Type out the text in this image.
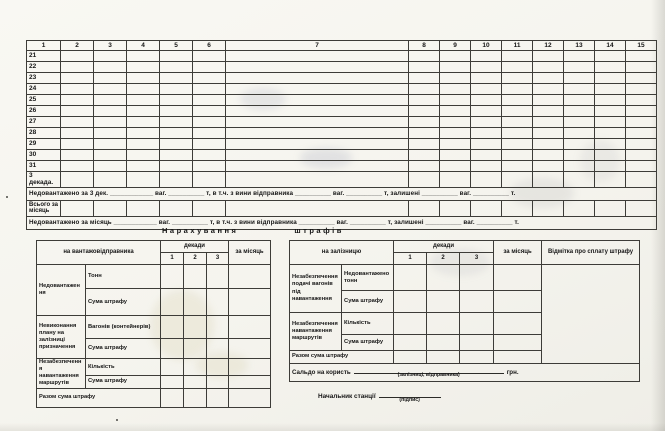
1	2	3	4	5	6	7	8	9	10	11	12	13	14	15
21														
22														
23														
24														
25														
26														
27														
28														
29														
30														
31														
3 декада.														
Недовантажено за 3 дек. ____________ ваг. __________ т, в т.ч. з вини відправника __________ ваг. __________ т, залишені __________ ваг. __________ т.														
Всього за місяць														
Недовантажено за місяць ____________ ваг. __________ т, в т.ч. з вини відправника __________ ваг. __________ т, залишені __________ ваг. __________ т.														
Нарахування	штрафів
на вантажовідправника		декади			за місяць
		1	2	3	
Недовантаження	Тонн				
	Сума штрафу				
Невиконання плану на залізниці призначення	Вагонів (контейнерів)				
	Сума штрафу				
Незабезпечення навантаження маршрутів	Кількість				
	Сума штрафу				
Разом сума штрафу					
на залізницю		декади			за місяць	Відмітка про сплату штрафу
		1	2	3		
Незабезпечення подачі вагонів під навантаження	Недовантажено тонн					
	Сума штрафу					
Незабезпечення навантаження маршрутів	Кількість					
	Сума штрафу					
Разом сума штрафу						
Сальдо на користь (залізниці, відправника) грн.						
Начальник станції	(підпис)
